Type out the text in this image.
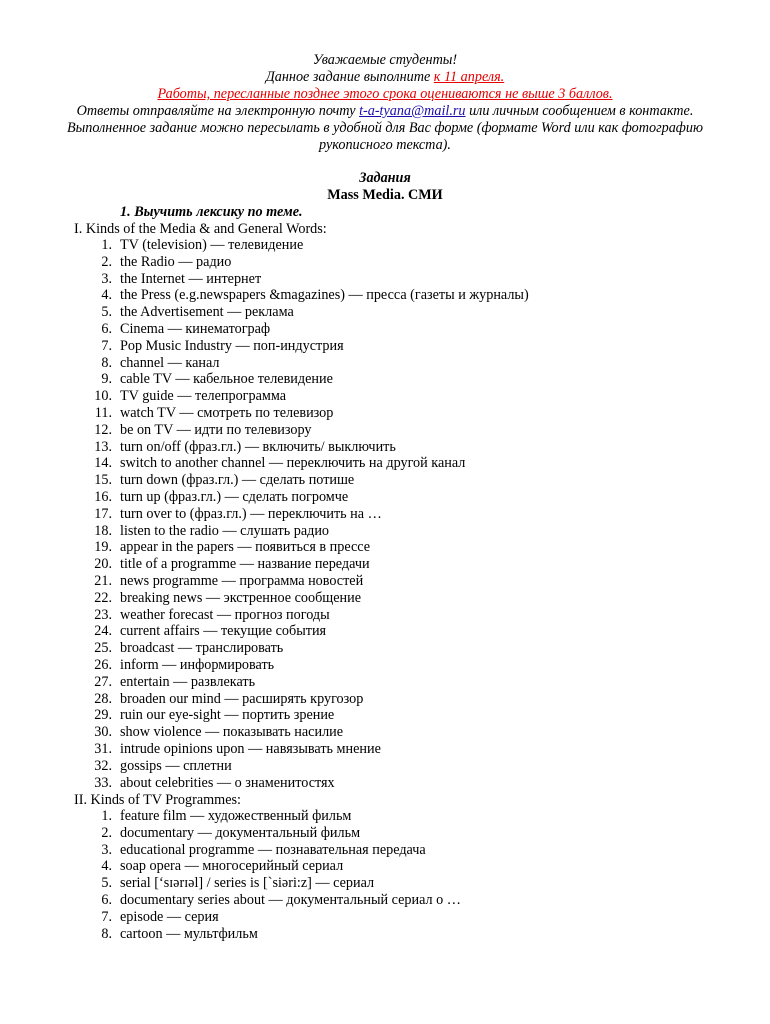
Уважаемые студенты!
Данное задание выполните к 11 апреля.
Работы, пересланные позднее этого срока оцениваются не выше 3 баллов.
Ответы отправляйте на электронную почту t-a-tyana@mail.ru или личным сообщением в контакте. Выполненное задание можно пересылать в удобной для Вас форме (формате Word или как фотографию рукописного текста).
Задания
Mass Media. СМИ
1. Выучить лексику по теме.
I. Kinds of the Media & and General Words:
1. TV (television) — телевидение
2. the Radio — радио
3. the Internet — интернет
4. the Press (e.g.newspapers &magazines) — пресса (газеты и журналы)
5. the Advertisement — реклама
6. Cinema — кинематограф
7. Pop Music Industry — поп-индустрия
8. channel — канал
9. cable TV — кабельное телевидение
10. TV guide — телепрограмма
11. watch TV — смотреть по телевизор
12. be on TV — идти по телевизору
13. turn on/off (фраз.гл.) — включить/ выключить
14. switch to another channel — переключить на другой канал
15. turn down (фраз.гл.) — сделать потише
16. turn up (фраз.гл.) — сделать погромче
17. turn over to (фраз.гл.) — переключить на …
18. listen to the radio — слушать радио
19. appear in the papers — появиться в прессе
20. title of a programme — название передачи
21. news programme — программа новостей
22. breaking news — экстренное сообщение
23. weather forecast — прогноз погоды
24. current affairs — текущие события
25. broadcast — транслировать
26. inform — информировать
27. entertain — развлекать
28. broaden our mind — расширять кругозор
29. ruin our eye-sight — портить зрение
30. show violence — показывать насилие
31. intrude opinions upon — навязывать мнение
32. gossips — сплетни
33. about celebrities — о знаменитостях
II. Kinds of TV Programmes:
1. feature film — художественный фильм
2. documentary — документальный фильм
3. educational programme — познавательная передача
4. soap opera — многосерийный сериал
5. serial [‘sɪərɪəl] / series is [`siəri:z] — сериал
6. documentary series about — документальный сериал о …
7. episode — серия
8. cartoon — мультфильм
